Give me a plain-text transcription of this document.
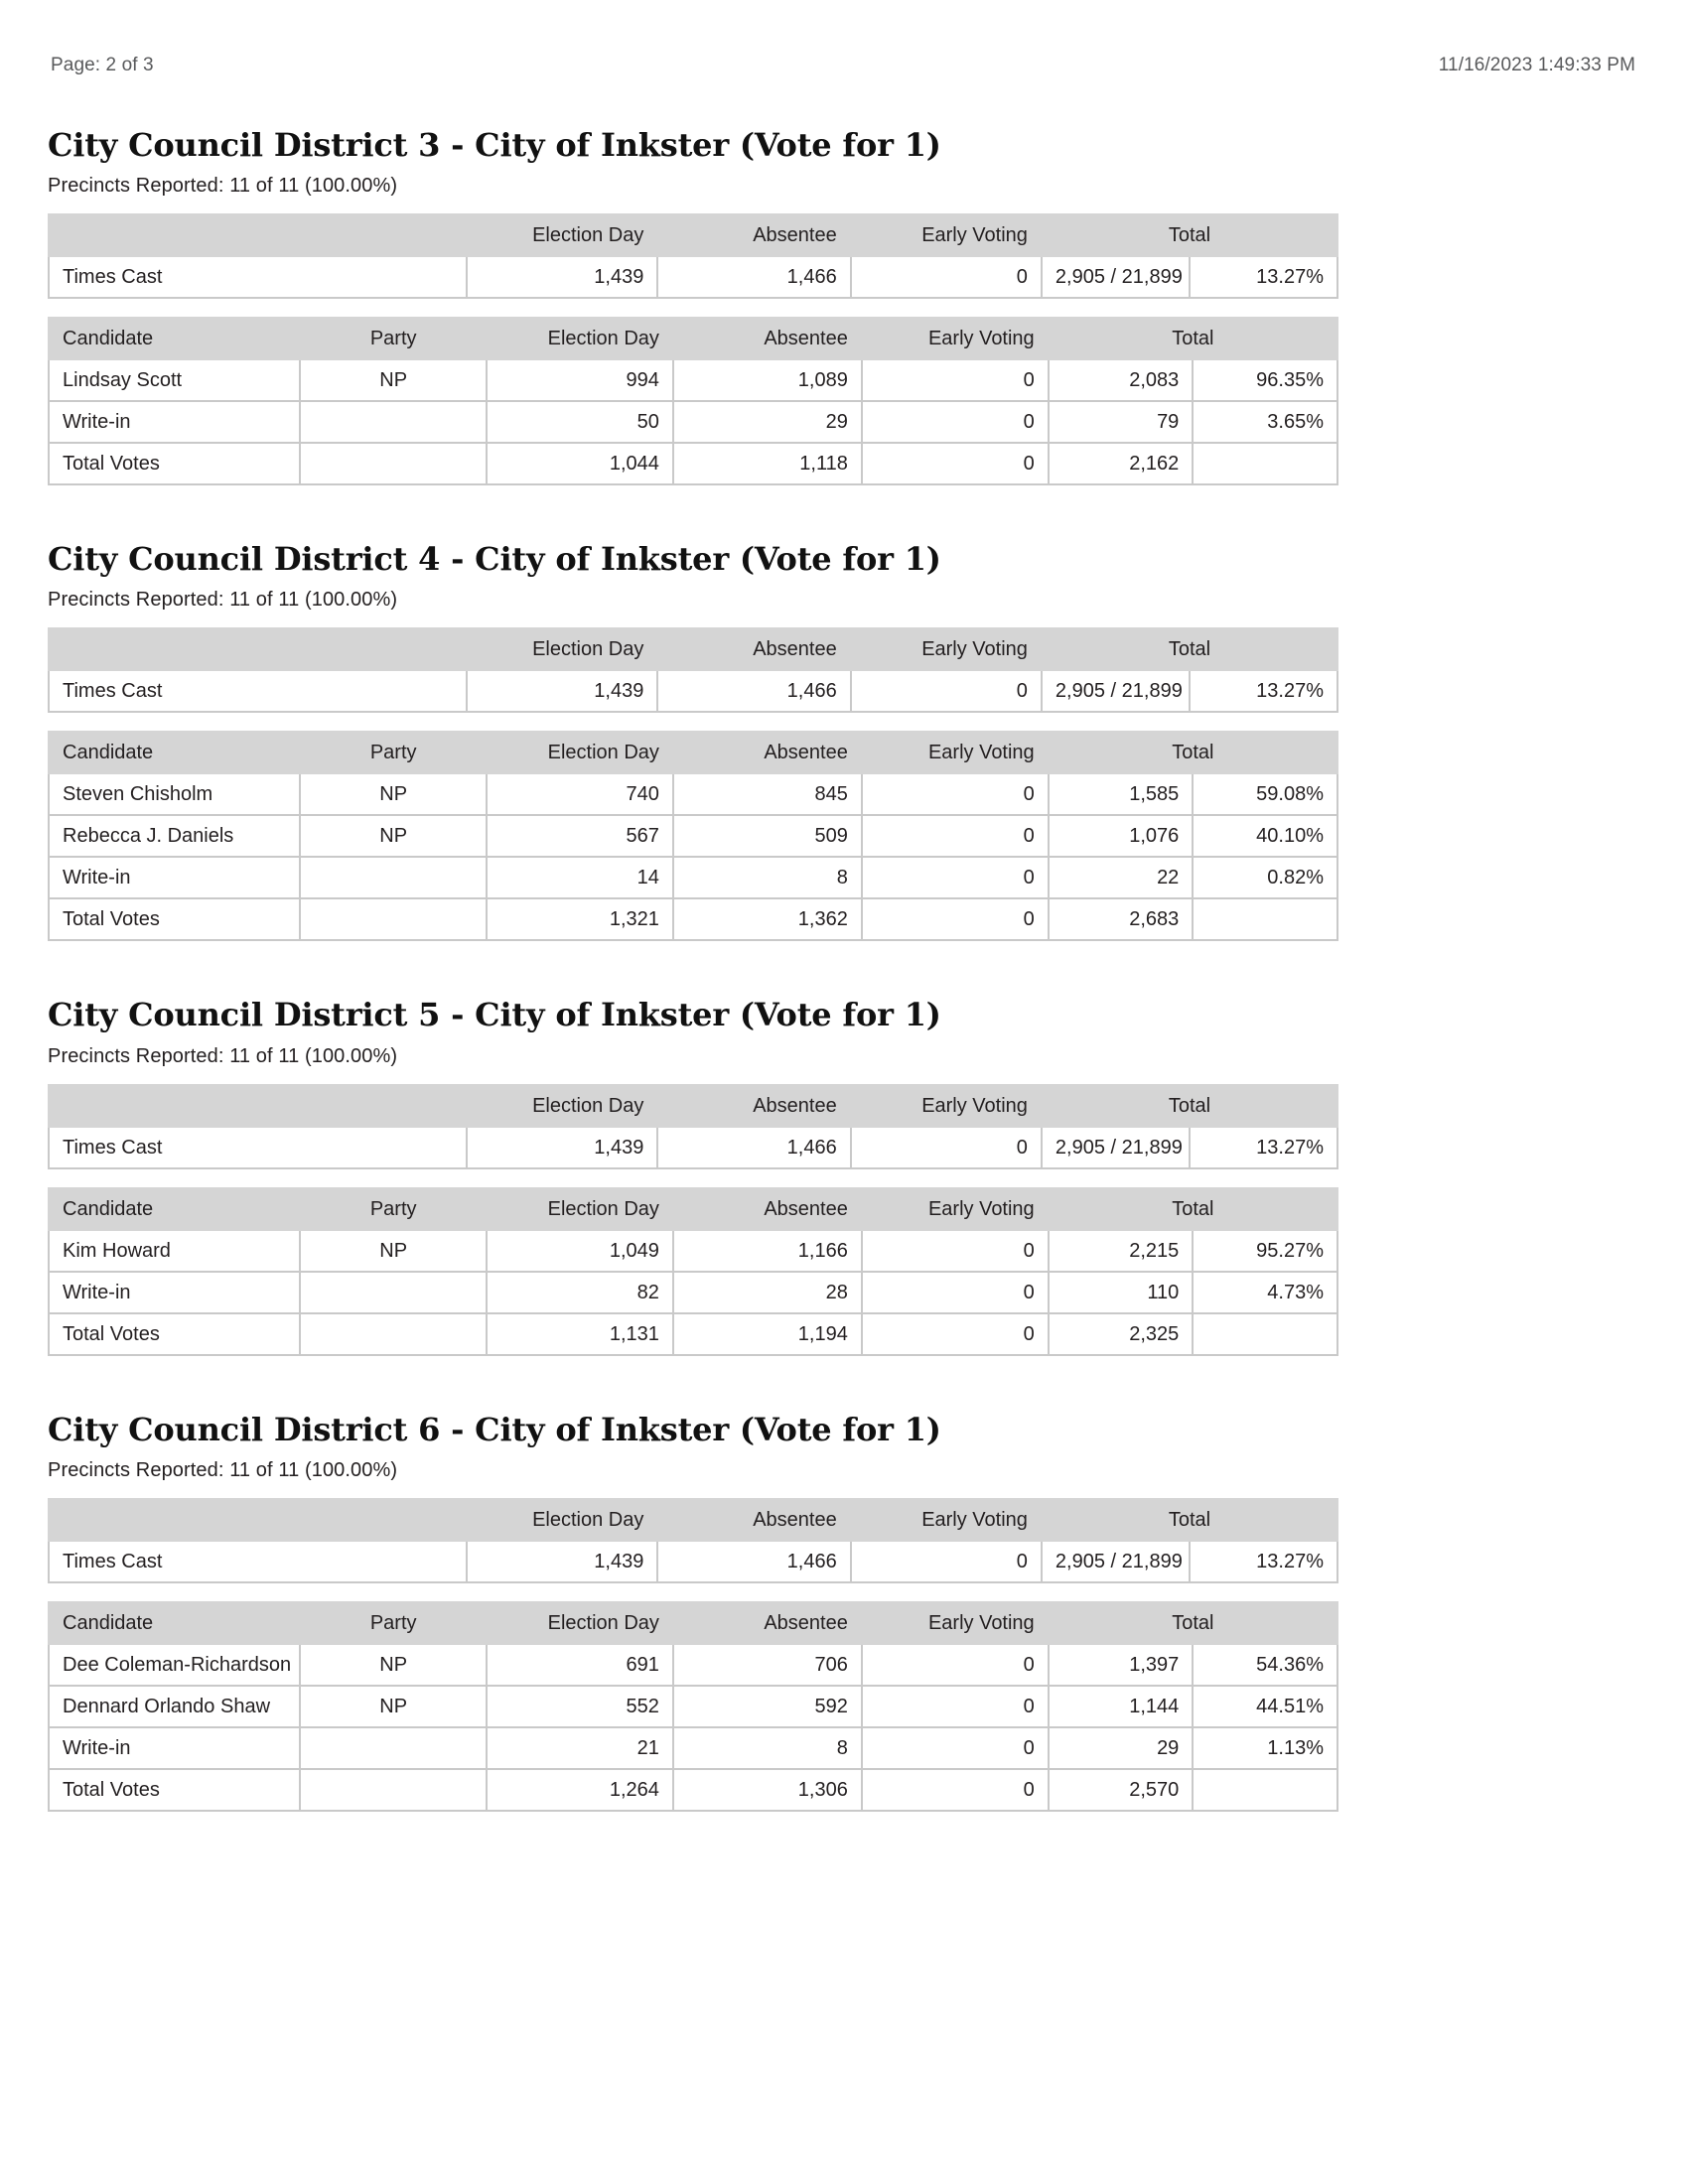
Page: 2 of 3	11/16/2023 1:49:33 PM
City Council District 3 - City of Inkster (Vote for 1)
Precincts Reported: 11 of 11 (100.00%)
	Election Day	Absentee	Early Voting	Total	
Times Cast	1,439	1,466	0	2,905 / 21,899	13.27%
Candidate	Party	Election Day	Absentee	Early Voting	Total	
Lindsay Scott	NP	994	1,089	0	2,083	96.35%
Write-in		50	29	0	79	3.65%
Total Votes		1,044	1,118	0	2,162	
City Council District 4 - City of Inkster (Vote for 1)
Precincts Reported: 11 of 11 (100.00%)
	Election Day	Absentee	Early Voting	Total	
Times Cast	1,439	1,466	0	2,905 / 21,899	13.27%
Candidate	Party	Election Day	Absentee	Early Voting	Total	
Steven Chisholm	NP	740	845	0	1,585	59.08%
Rebecca J. Daniels	NP	567	509	0	1,076	40.10%
Write-in		14	8	0	22	0.82%
Total Votes		1,321	1,362	0	2,683	
City Council District 5 - City of Inkster (Vote for 1)
Precincts Reported: 11 of 11 (100.00%)
	Election Day	Absentee	Early Voting	Total	
Times Cast	1,439	1,466	0	2,905 / 21,899	13.27%
Candidate	Party	Election Day	Absentee	Early Voting	Total	
Kim Howard	NP	1,049	1,166	0	2,215	95.27%
Write-in		82	28	0	110	4.73%
Total Votes		1,131	1,194	0	2,325	
City Council District 6 - City of Inkster (Vote for 1)
Precincts Reported: 11 of 11 (100.00%)
	Election Day	Absentee	Early Voting	Total	
Times Cast	1,439	1,466	0	2,905 / 21,899	13.27%
Candidate	Party	Election Day	Absentee	Early Voting	Total	
Dee Coleman-Richardson	NP	691	706	0	1,397	54.36%
Dennard Orlando Shaw	NP	552	592	0	1,144	44.51%
Write-in		21	8	0	29	1.13%
Total Votes		1,264	1,306	0	2,570	
